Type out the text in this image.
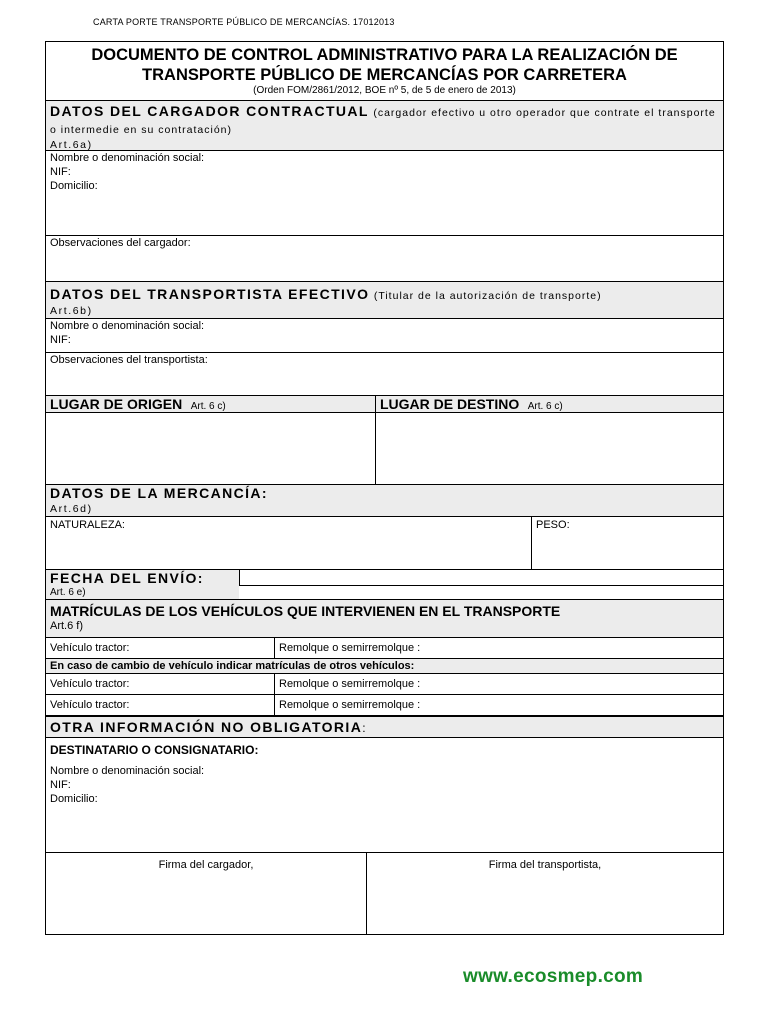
CARTA PORTE TRANSPORTE PÚBLICO DE MERCANCÍAS. 17012013
DOCUMENTO DE CONTROL ADMINISTRATIVO PARA LA REALIZACIÓN DE
TRANSPORTE PÚBLICO DE MERCANCÍAS POR CARRETERA
(Orden FOM/2861/2012, BOE nº 5, de 5 de enero de 2013)
DATOS DEL CARGADOR CONTRACTUAL (cargador efectivo u otro operador que contrate el transporte o intermedie en su contratación)
Art.6a)
Nombre o denominación social:
NIF:
Domicilio:
Observaciones del cargador:
DATOS DEL TRANSPORTISTA EFECTIVO (Titular de la autorización de transporte)
Art.6b)
Nombre o denominación social:
NIF:
Observaciones del transportista:
LUGAR DE ORIGEN Art. 6 c)	LUGAR DE DESTINO Art. 6 c)
DATOS DE LA MERCANCÍA:
Art.6d)
NATURALEZA:	PESO:
FECHA DEL ENVÍO:
Art. 6 e)
MATRÍCULAS DE LOS VEHÍCULOS QUE INTERVIENEN EN EL TRANSPORTE
Art.6 f)
Vehículo tractor:	Remolque o semirremolque :
En caso de cambio de vehículo indicar matrículas de otros vehículos:
Vehículo tractor:	Remolque o semirremolque :
Vehículo tractor:	Remolque o semirremolque :
OTRA INFORMACIÓN NO OBLIGATORIA:
DESTINATARIO O CONSIGNATARIO:
Nombre o denominación social:
NIF:
Domicilio:
Firma del cargador,	Firma del transportista,
www.ecosmep.com
